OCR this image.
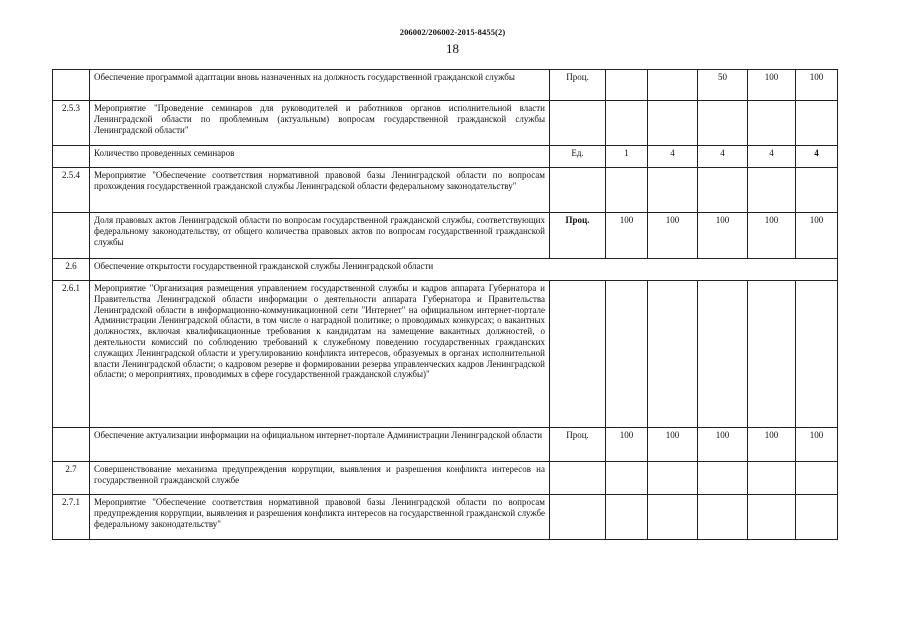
206002/206002-2015-8455(2)
18
	Обеспечение программой адаптации вновь назначенных на должность государственной гражданской службы	Проц.			50	100	100
2.5.3	Мероприятие "Проведение семинаров для руководителей и работников органов исполнительной власти Ленинградской области по проблемным (актуальным) вопросам государственной гражданской службы Ленинградской области"						
	Количество проведенных семинаров	Ед.	1	4	4	4	4
2.5.4	Мероприятие "Обеспечение соответствия нормативной правовой базы Ленинградской области по вопросам прохождения государственной гражданской службы Ленинградской области федеральному законодательству"						
	Доля правовых актов Ленинградской области по вопросам государственной гражданской службы, соответствующих федеральному законодательству, от общего количества правовых актов по вопросам государственной гражданской службы	Проц.	100	100	100	100	100
2.6	Обеспечение открытости государственной гражданской службы Ленинградской области						
2.6.1	Мероприятие "Организация размещения управлением государственной службы и кадров аппарата Губернатора и Правительства Ленинградской области информации о деятельности аппарата Губернатора и Правительства Ленинградской области в информационно-коммуникационной сети "Интернет" на официальном интернет-портале Администрации Ленинградской области, в том числе о наградной политике; о проводимых конкурсах; о вакантных должностях, включая квалификационные требования к кандидатам на замещение вакантных должностей, о деятельности комиссий по соблюдению требований к служебному поведению государственных гражданских служащих Ленинградской области и урегулированию конфликта интересов, образуемых в органах исполнительной власти Ленинградской области; о кадровом резерве и формировании резерва управленческих кадров Ленинградской области; о мероприятиях, проводимых в сфере государственной гражданской службы)"						
	Обеспечение актуализации информации на официальном интернет-портале Администрации Ленинградской области	Проц.	100	100	100	100	100
2.7	Совершенствование механизма предупреждения коррупции, выявления и разрешения конфликта интересов на государственной гражданской службе						
2.7.1	Мероприятие "Обеспечение соответствия нормативной правовой базы Ленинградской области по вопросам предупреждения коррупции, выявления и разрешения конфликта интересов на государственной гражданской службе федеральному законодательству"						
